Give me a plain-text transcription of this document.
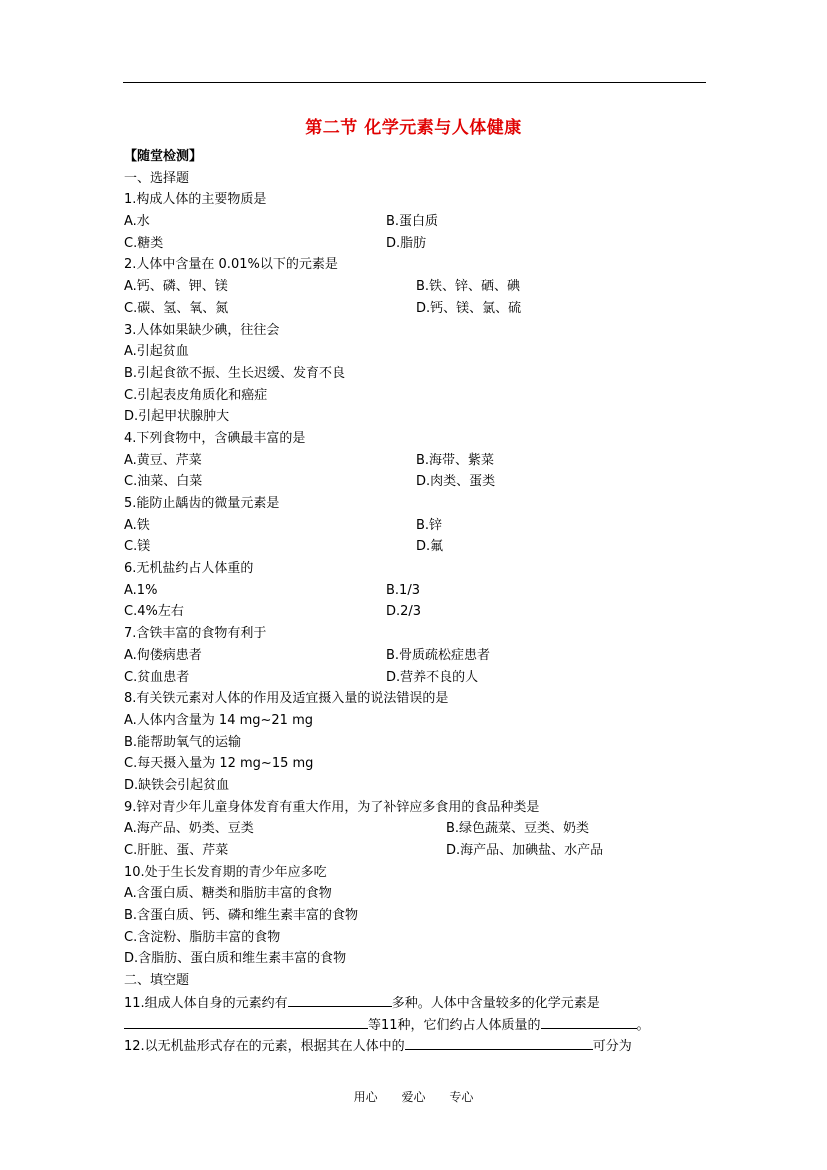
第二节 化学元素与人体健康
【随堂检测】
一、选择题
1.构成人体的主要物质是
A.水	B.蛋白质
C.糖类	D.脂肪
2.人体中含量在 0.01%以下的元素是
A.钙、磷、钾、镁	B.铁、锌、硒、碘
C.碳、氢、氧、氮	D.钙、镁、氯、硫
3.人体如果缺少碘，往往会
A.引起贫血
B.引起食欲不振、生长迟缓、发育不良
C.引起表皮角质化和癌症
D.引起甲状腺肿大
4.下列食物中，含碘最丰富的是
A.黄豆、芹菜	B.海带、紫菜
C.油菜、白菜	D.肉类、蛋类
5.能防止龋齿的微量元素是
A.铁	B.锌
C.镁	D.氟
6.无机盐约占人体重的
A.1%	B.1/3
C.4%左右	D.2/3
7.含铁丰富的食物有利于
A.佝偻病患者	B.骨质疏松症患者
C.贫血患者	D.营养不良的人
8.有关铁元素对人体的作用及适宜摄入量的说法错误的是
A.人体内含量为 14 mg~21 mg
B.能帮助氧气的运输
C.每天摄入量为 12 mg~15 mg
D.缺铁会引起贫血
9.锌对青少年儿童身体发育有重大作用，为了补锌应多食用的食品种类是
A.海产品、奶类、豆类	B.绿色蔬菜、豆类、奶类
C.肝脏、蛋、芹菜	D.海产品、加碘盐、水产品
10.处于生长发育期的青少年应多吃
A.含蛋白质、糖类和脂肪丰富的食物
B.含蛋白质、钙、磷和维生素丰富的食物
C.含淀粉、脂肪丰富的食物
D.含脂肪、蛋白质和维生素丰富的食物
二、填空题
11.组成人体自身的元素约有	多种。人体中含量较多的化学元素是
等11种，它们约占人体质量的	。
12.以无机盐形式存在的元素，根据其在人体中的	可分为
用心 爱心 专心
